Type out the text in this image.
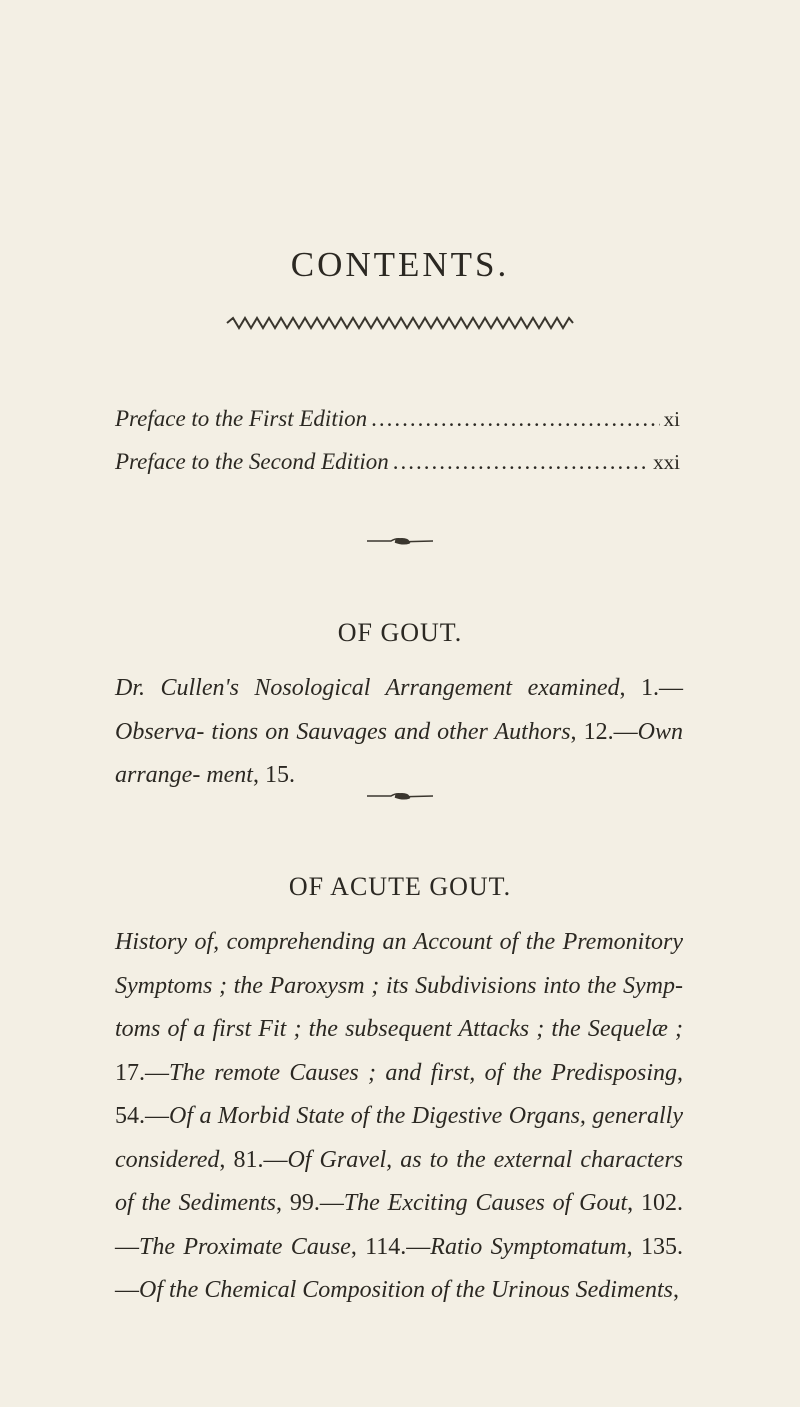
CONTENTS.
Preface to the First Edition .....	xi
Preface to the Second Edition .....	xxi
OF GOUT.
Dr. Cullen's Nosological Arrangement examined, 1.—Observa- tions on Sauvages and other Authors, 12.—Own arrange- ment, 15.
OF ACUTE GOUT.
History of, comprehending an Account of the Premonitory Symptoms ; the Paroxysm ; its Subdivisions into the Symp- toms of a first Fit ; the subsequent Attacks ; the Sequelæ ; 17.—The remote Causes ; and first, of the Predisposing, 54.—Of a Morbid State of the Digestive Organs, generally considered, 81.—Of Gravel, as to the external characters of the Sediments, 99.—The Exciting Causes of Gout, 102. —The Proximate Cause, 114.—Ratio Symptomatum, 135. —Of the Chemical Composition of the Urinous Sediments,
